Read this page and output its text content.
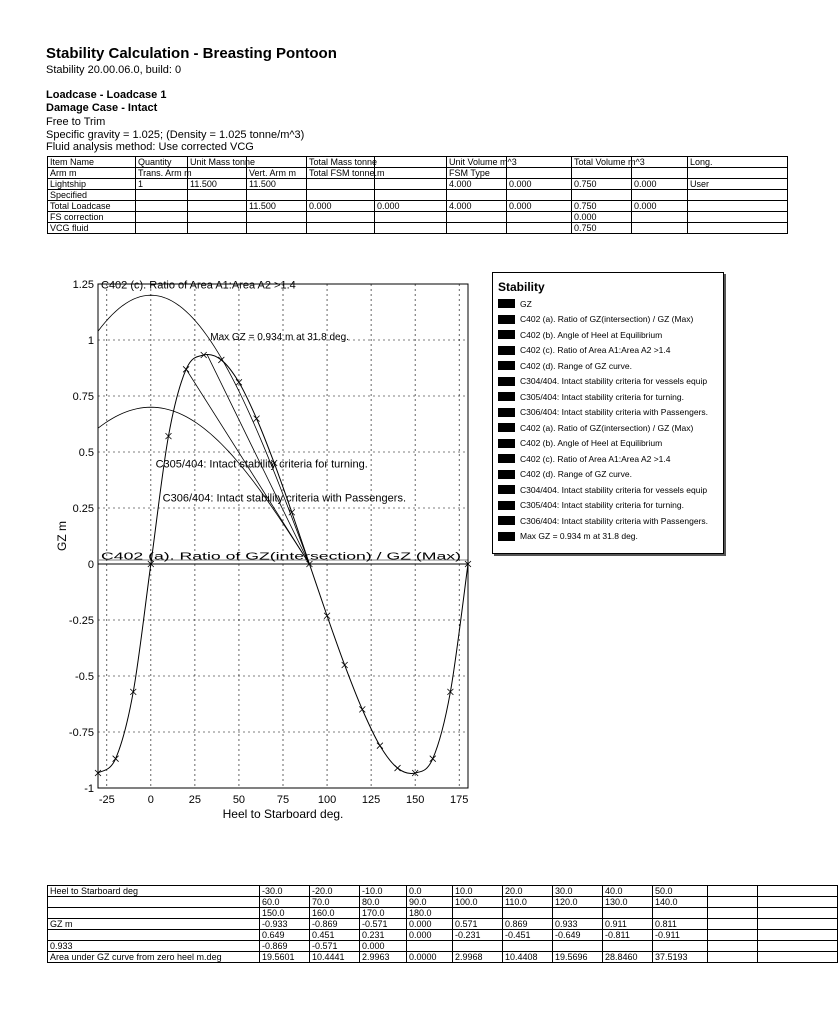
Stability Calculation - Breasting Pontoon
Stability 20.00.06.0, build: 0
Loadcase - Loadcase 1
Damage Case - Intact
Free to Trim
Specific gravity = 1.025; (Density = 1.025 tonne/m^3)
Fluid analysis method: Use corrected VCG
Item Name	Quantity	Unit Mass tonne		Total Mass tonne		Unit Volume m^3		Total Volume m^3		Long.
Arm m	Trans. Arm m		Vert. Arm m	Total FSM tonne.m		FSM Type				
Lightship	1	11.500	11.500			4.000	0.000	0.750	0.000	User
Specified										
Total Loadcase			11.500	0.000	0.000	4.000	0.000	0.750	0.000	
FS correction								0.000		
VCG fluid								0.750		
1.25
1
0.75
0.5
0.25
0
-0.25
-0.5
-0.75
-1
-25	0	25	50	75	100 125 150 175
Heel to Starboard deg.
GZ m
C402 (c). Ratio of Area A1:Area A2 >1.4
Max GZ = 0.934 m at 31.8 deg.
C305/404: Intact stability criteria for turning.
C306/404: Intact stability criteria with Passengers.
C402 (a). Ratio of GZ(intersection) / GZ (Max)
Stability
GZ
C402 (a). Ratio of GZ(intersection) / GZ (Max)
C402 (b). Angle of Heel at Equilibrium
C402 (c). Ratio of Area A1:Area A2 >1.4
C402 (d). Range of GZ curve.
C304/404. Intact stability criteria for vessels equip
C305/404: Intact stability criteria for turning.
C306/404: Intact stability criteria with Passengers.
C402 (a). Ratio of GZ(intersection) / GZ (Max)
C402 (b). Angle of Heel at Equilibrium
C402 (c). Ratio of Area A1:Area A2 >1.4
C402 (d). Range of GZ curve.
C304/404. Intact stability criteria for vessels equip
C305/404: Intact stability criteria for turning.
C306/404: Intact stability criteria with Passengers.
Max GZ = 0.934 m at 31.8 deg.
Heel to Starboard deg	-30.0	-20.0	-10.0	0.0	10.0	20.0	30.0	40.0	50.0		
	60.0	70.0	80.0	90.0	100.0	110.0	120.0	130.0	140.0		
	150.0	160.0	170.0	180.0							
GZ m	-0.933	-0.869	-0.571	0.000	0.571	0.869	0.933	0.911	0.811		
	0.649	0.451	0.231	0.000	-0.231	-0.451	-0.649	-0.811	-0.911		
0.933	-0.869	-0.571	0.000								
Area under GZ curve from zero heel m.deg	19.5601	10.4441	2.9963	0.0000	2.9968	10.4408	19.5696	28.8460	37.5193		
